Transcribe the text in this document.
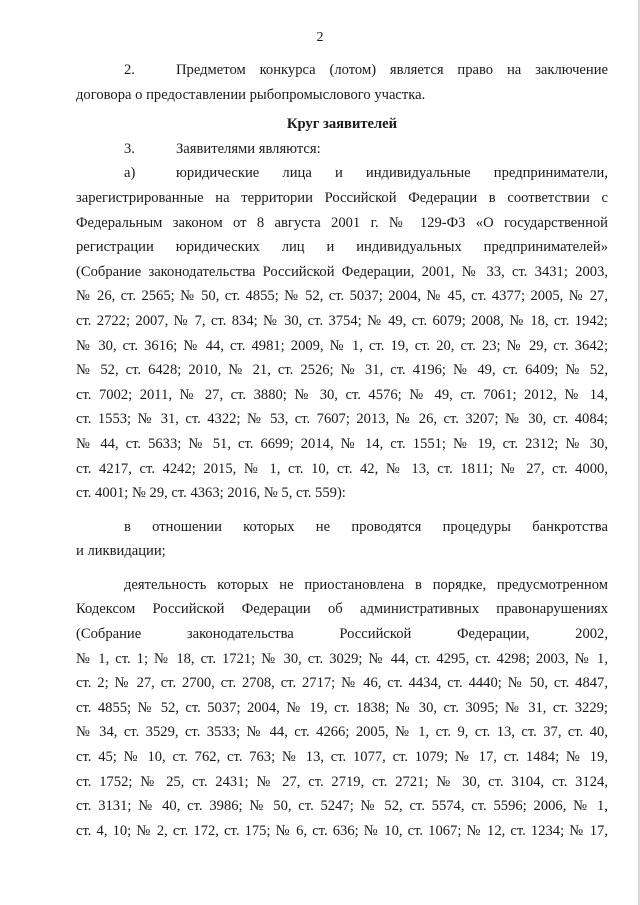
2

2.	Предметом конкурса (лотом) является право на заключение

договора о предоставлении рыбопромыслового участка.

Круг заявителей

3.	Заявителями являются:

а)	юридические лица и индивидуальные предприниматели,

зарегистрированные на территории Российской Федерации в соответствии с

Федеральным законом от 8 августа 2001 г. № 129-ФЗ «О государственной

регистрации юридических лиц и индивидуальных предпринимателей»

(Собрание законодательства Российской Федерации, 2001, № 33, ст. 3431; 2003,

№ 26, ст. 2565; № 50, ст. 4855; № 52, ст. 5037; 2004, № 45, ст. 4377; 2005, № 27,

ст. 2722; 2007, № 7, ст. 834; № 30, ст. 3754; № 49, ст. 6079; 2008, № 18, ст. 1942;

№ 30, ст. 3616; № 44, ст. 4981; 2009, № 1, ст. 19, ст. 20, ст. 23; № 29, ст. 3642;

№ 52, ст. 6428; 2010, № 21, ст. 2526; № 31, ст. 4196; № 49, ст. 6409; № 52,

ст. 7002; 2011, № 27, ст. 3880; № 30, ст. 4576; № 49, ст. 7061; 2012, № 14,

ст. 1553; № 31, ст. 4322; № 53, ст. 7607; 2013, № 26, ст. 3207; № 30, ст. 4084;

№ 44, ст. 5633; № 51, ст. 6699; 2014, № 14, ст. 1551; № 19, ст. 2312; № 30,

ст. 4217, ст. 4242; 2015, № 1, ст. 10, ст. 42, № 13, ст. 1811; № 27, ст. 4000,

ст. 4001; № 29, ст. 4363; 2016, № 5, ст. 559):

в отношении которых не проводятся процедуры банкротства

и ликвидации;

деятельность которых не приостановлена в порядке, предусмотренном

Кодексом Российской Федерации об административных правонарушениях

(Собрание законодательства Российской Федерации, 2002,

№ 1, ст. 1; № 18, ст. 1721; № 30, ст. 3029; № 44, ст. 4295, ст. 4298; 2003, № 1,

ст. 2; № 27, ст. 2700, ст. 2708, ст. 2717; № 46, ст. 4434, ст. 4440; № 50, ст. 4847,

ст. 4855; № 52, ст. 5037; 2004, № 19, ст. 1838; № 30, ст. 3095; № 31, ст. 3229;

№ 34, ст. 3529, ст. 3533; № 44, ст. 4266; 2005, № 1, ст. 9, ст. 13, ст. 37, ст. 40,

ст. 45; № 10, ст. 762, ст. 763; № 13, ст. 1077, ст. 1079; № 17, ст. 1484; № 19,

ст. 1752; № 25, ст. 2431; № 27, ст. 2719, ст. 2721; № 30, ст. 3104, ст. 3124,

ст. 3131; № 40, ст. 3986; № 50, ст. 5247; № 52, ст. 5574, ст. 5596; 2006, № 1,

ст. 4, 10; № 2, ст. 172, ст. 175; № 6, ст. 636; № 10, ст. 1067; № 12, ст. 1234; № 17,
